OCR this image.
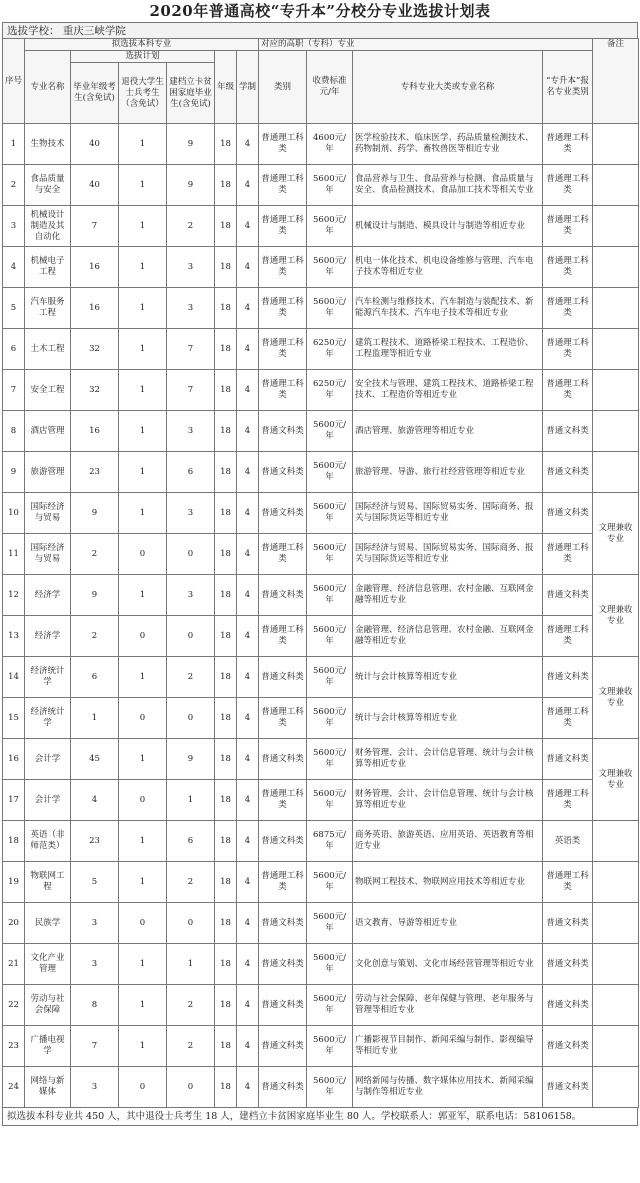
2020年普通高校“专升本”分校分专业选拔计划表
选拔学校： 重庆三峡学院
序号	拟选拔本科专业						对应的高职（专科）专业				备注
	专业名称	选拔计划			年级	学制	类别	收费标准元/年	专科专业大类或专业名称	“专升本”报名专业类别	
		毕业年级考生(含免试)	退役大学生士兵考生（含免试）	建档立卡贫困家庭毕业生(含免试)							
1	生物技术	40	1	9	18	4	普通理工科类	4600元/年	医学检验技术、临床医学、药品质量检测技术、药物制剂、药学、畜牧兽医等相近专业	普通理工科类	
2	食品质量与安全	40	1	9	18	4	普通理工科类	5600元/年	食品营养与卫生、食品营养与检测、食品质量与安全、食品检测技术、食品加工技术等相关专业	普通理工科类	
3	机械设计制造及其自动化	7	1	2	18	4	普通理工科类	5600元/年	机械设计与制造、模具设计与制造等相近专业	普通理工科类	
4	机械电子工程	16	1	3	18	4	普通理工科类	5600元/年	机电一体化技术、机电设备维修与管理、汽车电子技术等相近专业	普通理工科类	
5	汽车服务工程	16	1	3	18	4	普通理工科类	5600元/年	汽车检测与维修技术、汽车制造与装配技术、新能源汽车技术、汽车电子技术等相近专业	普通理工科类	
6	土木工程	32	1	7	18	4	普通理工科类	6250元/年	建筑工程技术、道路桥梁工程技术、工程造价、工程监理等相近专业	普通理工科类	
7	安全工程	32	1	7	18	4	普通理工科类	6250元/年	安全技术与管理、建筑工程技术、道路桥梁工程技术、工程造价等相近专业	普通理工科类	
8	酒店管理	16	1	3	18	4	普通文科类	5600元/年	酒店管理、旅游管理等相近专业	普通文科类	
9	旅游管理	23	1	6	18	4	普通文科类	5600元/年	旅游管理、导游、旅行社经营管理等相近专业	普通文科类	
10	国际经济与贸易	9	1	3	18	4	普通文科类	5600元/年	国际经济与贸易、国际贸易实务、国际商务、报关与国际货运等相近专业	普通文科类	文理兼收专业
11	国际经济与贸易	2	0	0	18	4	普通理工科类	5600元/年	国际经济与贸易、国际贸易实务、国际商务、报关与国际货运等相近专业	普通理工科类	
12	经济学	9	1	3	18	4	普通文科类	5600元/年	金融管理、经济信息管理、农村金融、互联网金融等相近专业	普通文科类	文理兼收专业
13	经济学	2	0	0	18	4	普通理工科类	5600元/年	金融管理、经济信息管理、农村金融、互联网金融等相近专业	普通理工科类	
14	经济统计学	6	1	2	18	4	普通文科类	5600元/年	统计与会计核算等相近专业	普通文科类	文理兼收专业
15	经济统计学	1	0	0	18	4	普通理工科类	5600元/年	统计与会计核算等相近专业	普通理工科类	
16	会计学	45	1	9	18	4	普通文科类	5600元/年	财务管理、会计、会计信息管理、统计与会计核算等相近专业	普通文科类	文理兼收专业
17	会计学	4	0	1	18	4	普通理工科类	5600元/年	财务管理、会计、会计信息管理、统计与会计核算等相近专业	普通理工科类	
18	英语（非师范类）	23	1	6	18	4	普通文科类	6875元/年	商务英语、旅游英语、应用英语、英语教育等相近专业	英语类	
19	物联网工程	5	1	2	18	4	普通理工科类	5600元/年	物联网工程技术、物联网应用技术等相近专业	普通理工科类	
20	民族学	3	0	0	18	4	普通文科类	5600元/年	语文教育、导游等相近专业	普通文科类	
21	文化产业管理	3	1	1	18	4	普通文科类	5600元/年	文化创意与策划、文化市场经营管理等相近专业	普通文科类	
22	劳动与社会保障	8	1	2	18	4	普通文科类	5600元/年	劳动与社会保障、老年保健与管理、老年服务与管理等相近专业	普通文科类	
23	广播电视学	7	1	2	18	4	普通文科类	5600元/年	广播影视节目制作、新闻采编与制作、影视编导等相近专业	普通文科类	
24	网络与新媒体	3	0	0	18	4	普通文科类	5600元/年	网络新闻与传播、数字媒体应用技术、新闻采编与制作等相近专业	普通文科类	
拟选拔本科专业共 450 人，其中退役士兵考生 18 人，建档立卡贫困家庭毕业生 80 人。学校联系人：郭亚军，联系电话：58106158。
